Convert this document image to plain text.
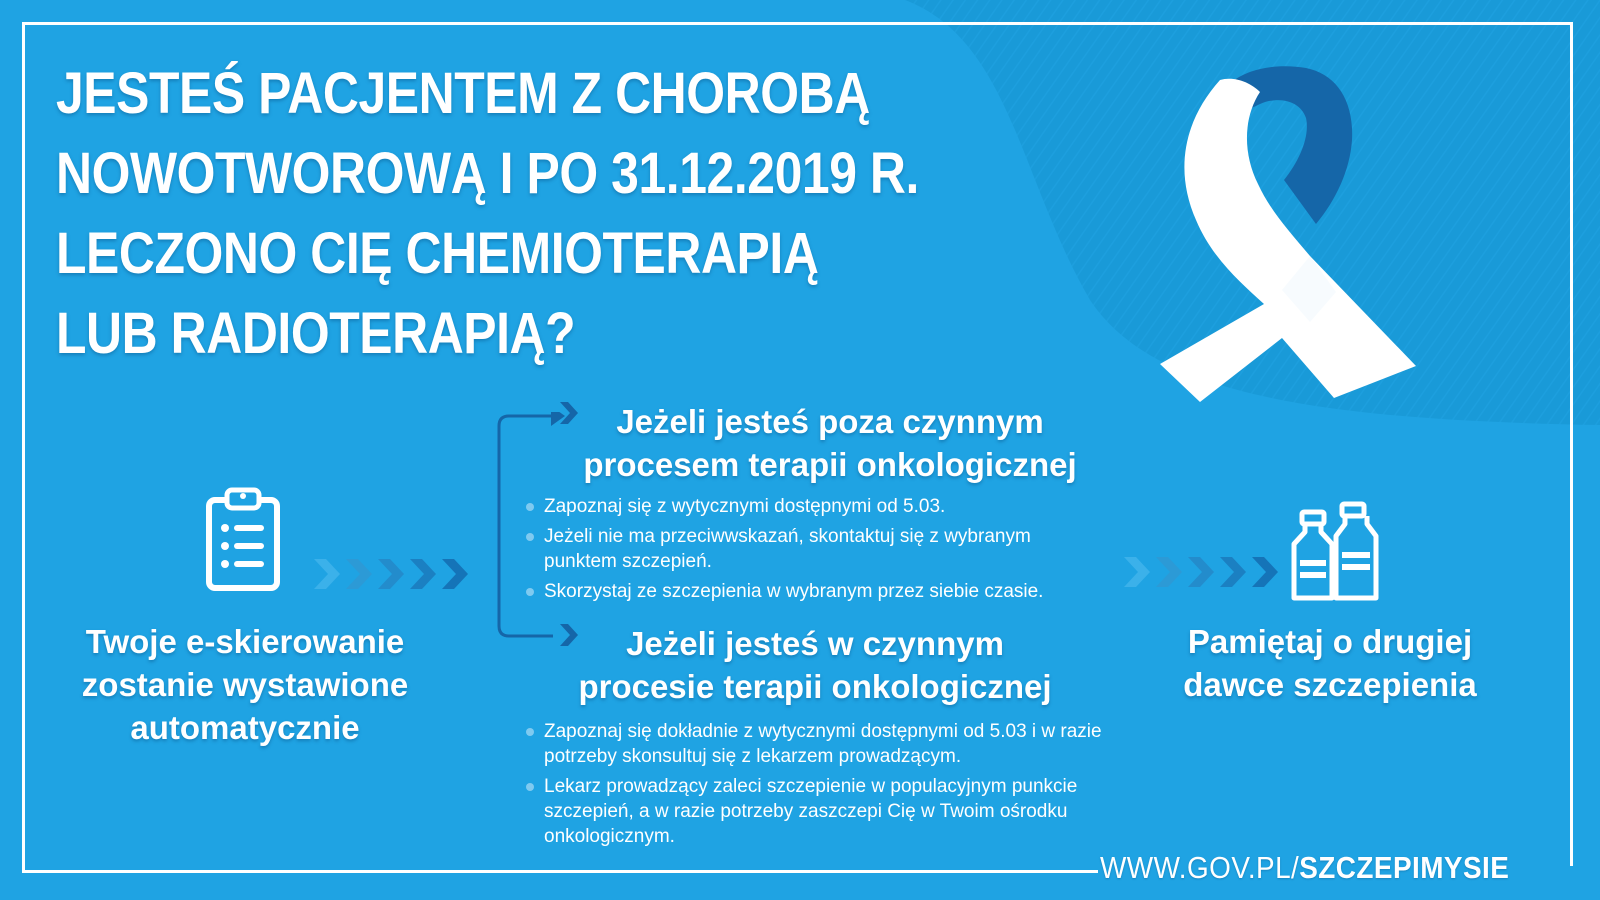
JESTEŚ PACJENTEM Z CHOROBĄ
NOWOTWOROWĄ I PO 31.12.2019 R.
LECZONO CIĘ CHEMIOTERAPIĄ
LUB RADIOTERAPIĄ?
Twoje e-skierowanie zostanie wystawione automatycznie
Jeżeli jesteś poza czynnym
procesem terapii onkologicznej
Zapoznaj się z wytycznymi dostępnymi od 5.03.
Jeżeli nie ma przeciwwskazań, skontaktuj się z wybranym punktem szczepień.
Skorzystaj ze szczepienia w wybranym przez siebie czasie.
Jeżeli jesteś w czynnym
procesie terapii onkologicznej
Zapoznaj się dokładnie z wytycznymi dostępnymi od 5.03 i w razie potrzeby skonsultuj się z lekarzem prowadzącym.
Lekarz prowadzący zaleci szczepienie w populacyjnym punkcie szczepień, a w razie potrzeby zaszczepi Cię w Twoim ośrodku onkologicznym.
Pamiętaj o drugiej dawce szczepienia
WWW.GOV.PL/SZCZEPIMYSIE
